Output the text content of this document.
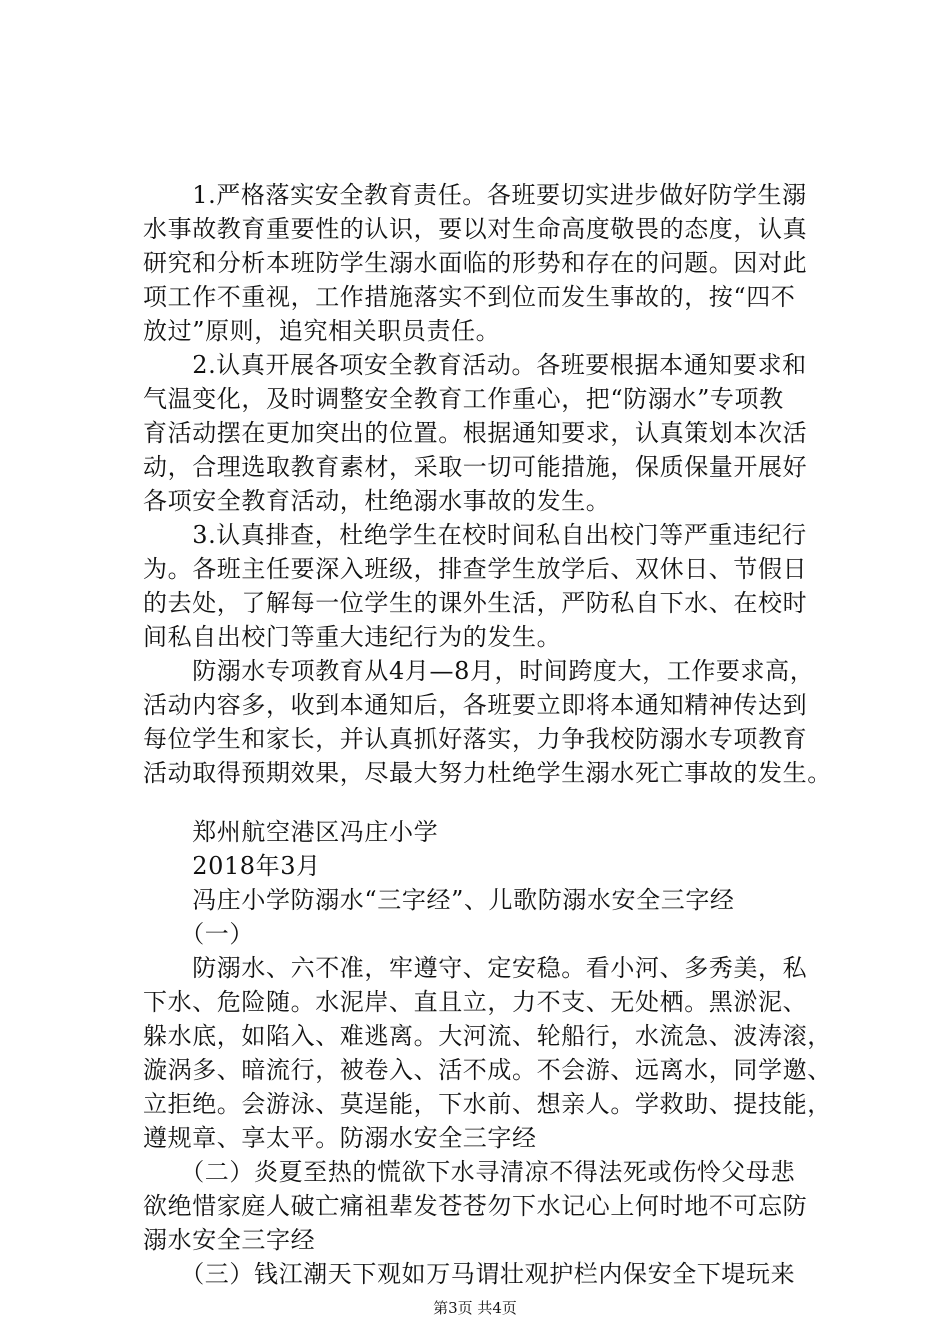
　　1.严格落实安全教育责任。各班要切实进步做好防学生溺
水事故教育重要性的认识，要以对生命高度敬畏的态度，认真
研究和分析本班防学生溺水面临的形势和存在的问题。因对此
项工作不重视，工作措施落实不到位而发生事故的，按“四不
放过”原则，追究相关职员责任。
　　2.认真开展各项安全教育活动。各班要根据本通知要求和
气温变化，及时调整安全教育工作重心，把“防溺水”专项教
育活动摆在更加突出的位置。根据通知要求，认真策划本次活
动，合理选取教育素材，采取一切可能措施，保质保量开展好
各项安全教育活动，杜绝溺水事故的发生。
　　3.认真排查，杜绝学生在校时间私自出校门等严重违纪行
为。各班主任要深入班级，排查学生放学后、双休日、节假日
的去处，了解每一位学生的课外生活，严防私自下水、在校时
间私自出校门等重大违纪行为的发生。
　　防溺水专项教育从4月—8月，时间跨度大，工作要求高，
活动内容多，收到本通知后，各班要立即将本通知精神传达到
每位学生和家长，并认真抓好落实，力争我校防溺水专项教育
活动取得预期效果，尽最大努力杜绝学生溺水死亡事故的发生。
　　郑州航空港区冯庄小学
　　2018年3月
　　冯庄小学防溺水“三字经”、儿歌防溺水安全三字经
　　（一）
　　防溺水、六不准，牢遵守、定安稳。看小河、多秀美，私
下水、危险随。水泥岸、直且立，力不支、无处栖。黑淤泥、
躲水底，如陷入、难逃离。大河流、轮船行，水流急、波涛滚，
漩涡多、暗流行，被卷入、活不成。不会游、远离水，同学邀、
立拒绝。会游泳、莫逞能，下水前、想亲人。学救助、提技能，
遵规章、享太平。防溺水安全三字经
　　（二）炎夏至热的慌欲下水寻清凉不得法死或伤怜父母悲
欲绝惜家庭人破亡痛祖辈发苍苍勿下水记心上何时地不可忘防
溺水安全三字经
　　（三）钱江潮天下观如万马谓壮观护栏内保安全下堤玩来
第3页 共4页
